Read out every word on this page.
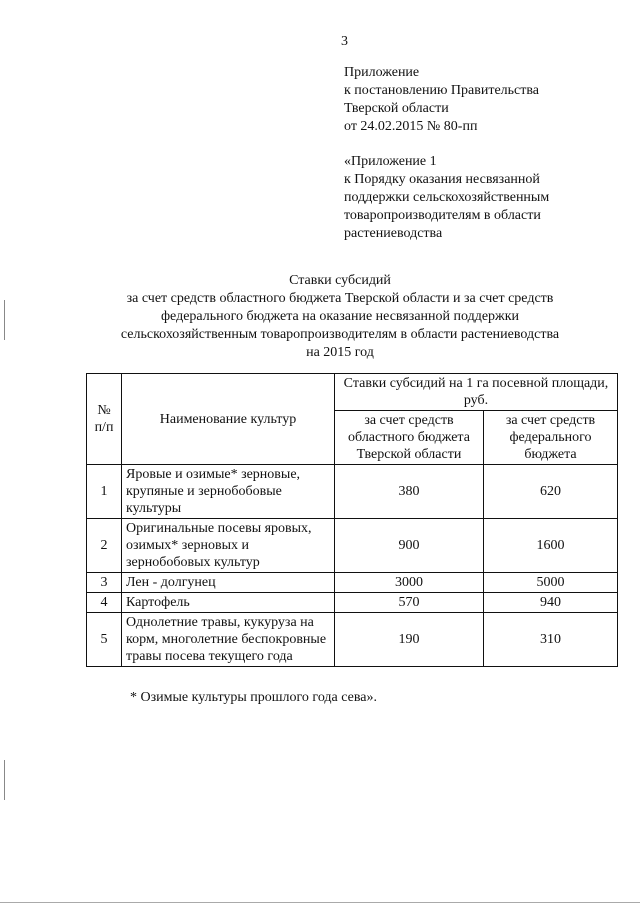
3
Приложение
к постановлению Правительства
Тверской области
от 24.02.2015 № 80-пп
«Приложение 1
к Порядку оказания несвязанной
поддержки сельскохозяйственным
товаропроизводителям в области
растениеводства
Ставки субсидий
за счет средств областного бюджета Тверской области и за счет средств
федерального бюджета на оказание несвязанной поддержки
сельскохозяйственным товаропроизводителям в области растениеводства
на 2015 год
№ п/п	Наименование культур	Ставки субсидий на 1 га посевной площади, руб.	
		за счет средств областного бюджета Тверской области	за счет средств федерального бюджета
1	Яровые и озимые* зерновые, крупяные и зернобобовые культуры	380	620
2	Оригинальные посевы яровых, озимых* зерновых и зернобобовых культур	900	1600
3	Лен - долгунец	3000	5000
4	Картофель	570	940
5	Однолетние травы, кукуруза на корм, многолетние беспокровные травы посева текущего года	190	310
* Озимые культуры прошлого года сева».
